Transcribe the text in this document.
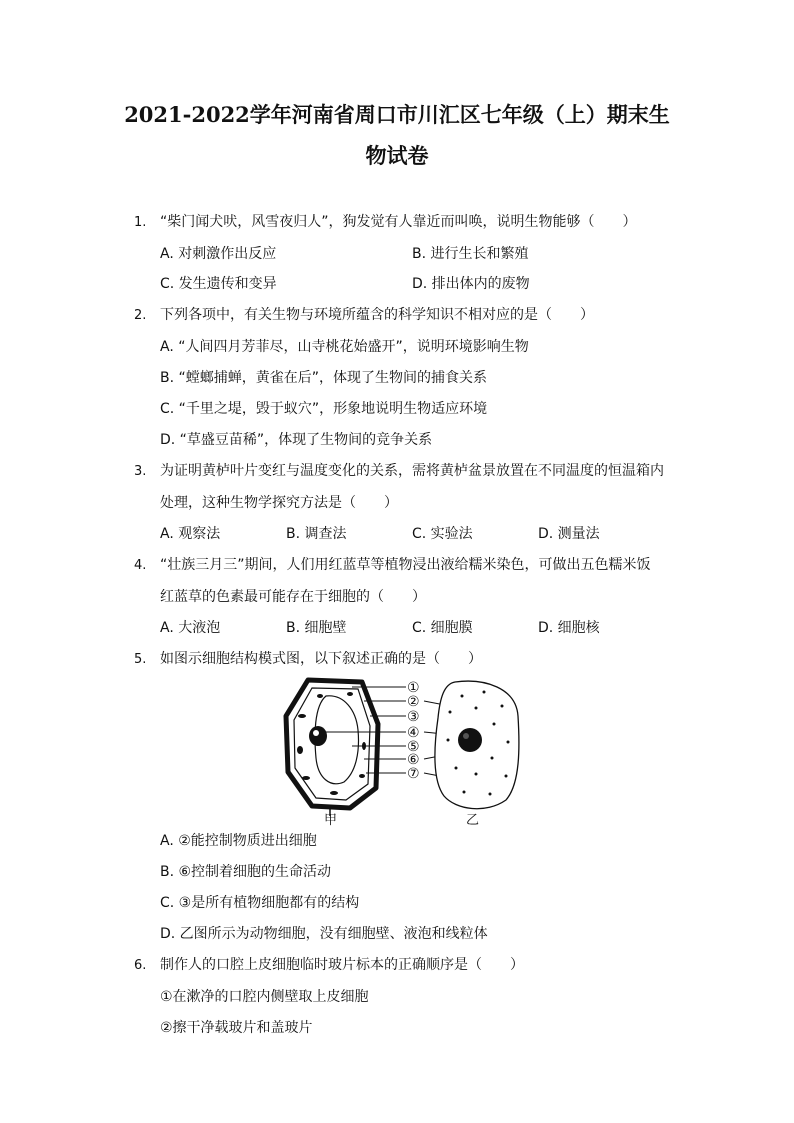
2021-2022学年河南省周口市川汇区七年级（上）期末生
物试卷
1. “柴门闻犬吠，风雪夜归人”，狗发觉有人靠近而叫唤，说明生物能够（　　）
A. 对刺激作出反应	B. 进行生长和繁殖
C. 发生遗传和变异	D. 排出体内的废物
2. 下列各项中，有关生物与环境所蕴含的科学知识不相对应的是（　　）
A. “人间四月芳菲尽，山寺桃花始盛开”，说明环境影响生物
B. “螳螂捕蝉，黄雀在后”，体现了生物间的捕食关系
C. “千里之堤，毁于蚁穴”，形象地说明生物适应环境
D. “草盛豆苗稀”，体现了生物间的竞争关系
3. 为证明黄栌叶片变红与温度变化的关系，需将黄栌盆景放置在不同温度的恒温箱内
处理，这种生物学探究方法是（　　）
A. 观察法	B. 调查法	C. 实验法	D. 测量法
4. “壮族三月三”期间，人们用红蓝草等植物浸出液给糯米染色，可做出五色糯米饭
红蓝草的色素最可能存在于细胞的（　　）
A. 大液泡	B. 细胞壁	C. 细胞膜	D. 细胞核
5. 如图示细胞结构模式图，以下叙述正确的是（　　）
①
②
③
④
⑤
⑥
⑦
甲	乙
A. ②能控制物质进出细胞
B. ⑥控制着细胞的生命活动
C. ③是所有植物细胞都有的结构
D. 乙图所示为动物细胞，没有细胞壁、液泡和线粒体
6. 制作人的口腔上皮细胞临时玻片标本的正确顺序是（　　）
①在漱净的口腔内侧壁取上皮细胞
②擦干净载玻片和盖玻片
